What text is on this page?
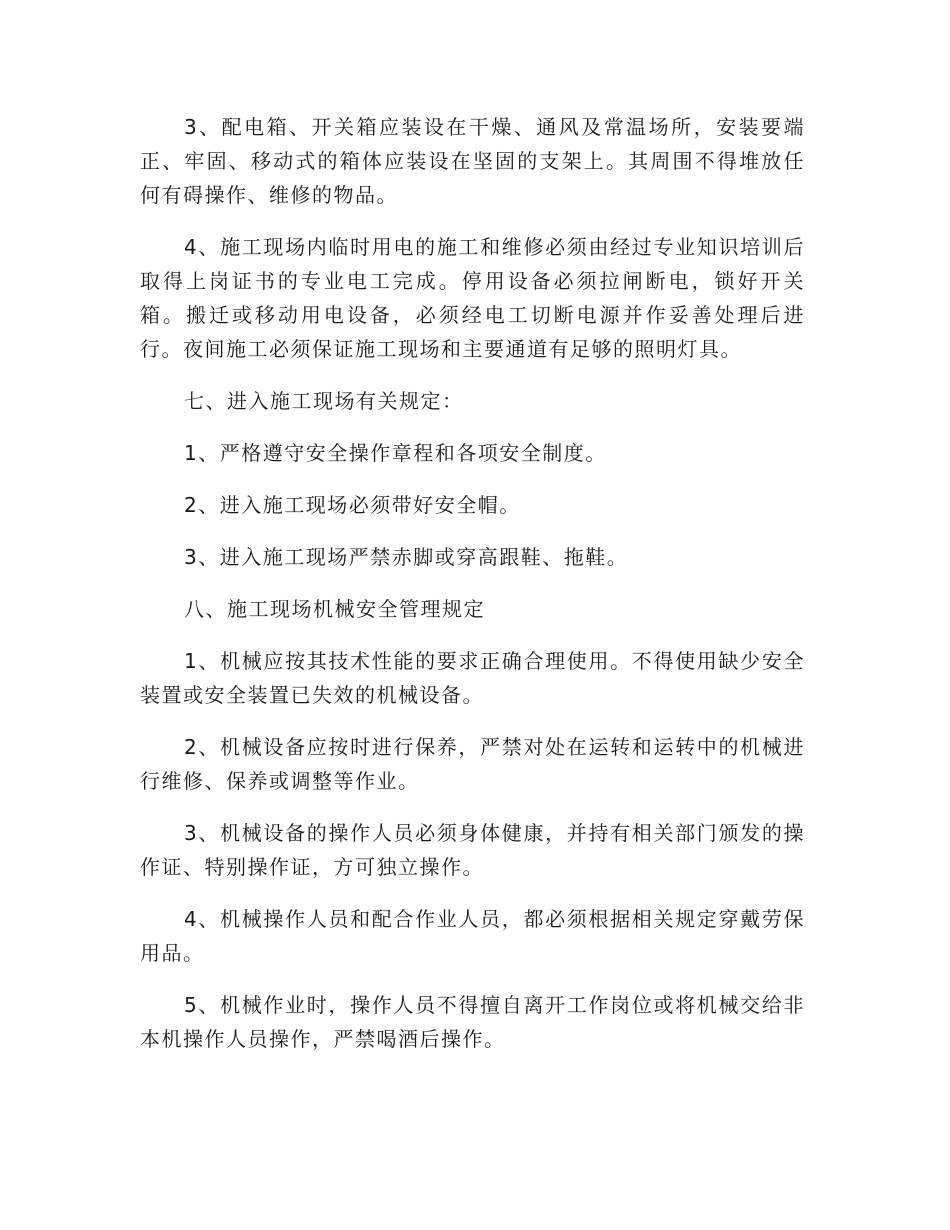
3、配电箱、开关箱应装设在干燥、通风及常温场所，安装要端正、牢固、移动式的箱体应装设在坚固的支架上。其周围不得堆放任何有碍操作、维修的物品。

4、施工现场内临时用电的施工和维修必须由经过专业知识培训后取得上岗证书的专业电工完成。停用设备必须拉闸断电，锁好开关箱。搬迁或移动用电设备，必须经电工切断电源并作妥善处理后进行。夜间施工必须保证施工现场和主要通道有足够的照明灯具。

七、进入施工现场有关规定：

1、严格遵守安全操作章程和各项安全制度。

2、进入施工现场必须带好安全帽。

3、进入施工现场严禁赤脚或穿高跟鞋、拖鞋。

八、施工现场机械安全管理规定

1、机械应按其技术性能的要求正确合理使用。不得使用缺少安全装置或安全装置已失效的机械设备。

2、机械设备应按时进行保养，严禁对处在运转和运转中的机械进行维修、保养或调整等作业。

3、机械设备的操作人员必须身体健康，并持有相关部门颁发的操作证、特别操作证，方可独立操作。

4、机械操作人员和配合作业人员，都必须根据相关规定穿戴劳保用品。

5、机械作业时，操作人员不得擅自离开工作岗位或将机械交给非本机操作人员操作，严禁喝酒后操作。
